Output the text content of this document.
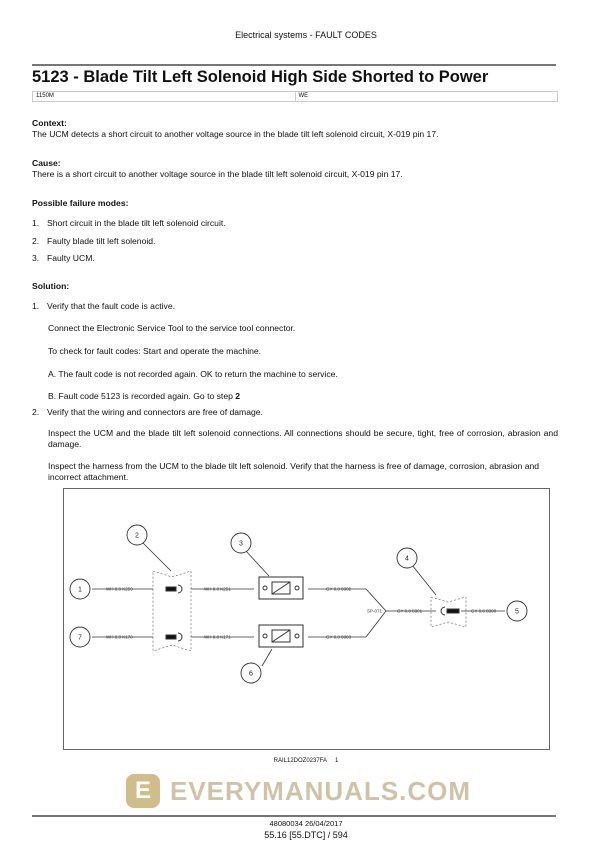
Electrical systems - FAULT CODES
5123 - Blade Tilt Left Solenoid High Side Shorted to Power
1150M	WE
Context:
The UCM detects a short circuit to another voltage source in the blade tilt left solenoid circuit, X-019 pin 17.
Cause:
There is a short circuit to another voltage source in the blade tilt left solenoid circuit, X-019 pin 17.
Possible failure modes:
1. Short circuit in the blade tilt left solenoid circuit.
2. Faulty blade tilt left solenoid.
3. Faulty UCM.
Solution:
1. Verify that the fault code is active.
Connect the Electronic Service Tool to the service tool connector.
To check for fault codes: Start and operate the machine.
A. The fault code is not recorded again. OK to return the machine to service.
B. Fault code 5123 is recorded again. Go to step 2
2. Verify that the wiring and connectors are free of damage.
Inspect the UCM and the blade tilt left solenoid connections. All connections should be secure, tight, free of corrosion, abrasion and damage.
Inspect the harness from the UCM to the blade tilt left solenoid. Verify that the harness is free of damage, corrosion, abrasion and incorrect attachment.
1
2
3
4
5
6
7
WH 0.8 K250	WH 0.8 K251
WH 0.8 K170	WH 0.8 K171
GY 0.8 8302
GY 0.8 8303
SP-071	GY 0.8 8301	GY 0.8 8300
RAIL12DOZ0237FA 1
E EVERYMANUALS.COM
48080034 26/04/2017
55.16 [55.DTC] / 594
